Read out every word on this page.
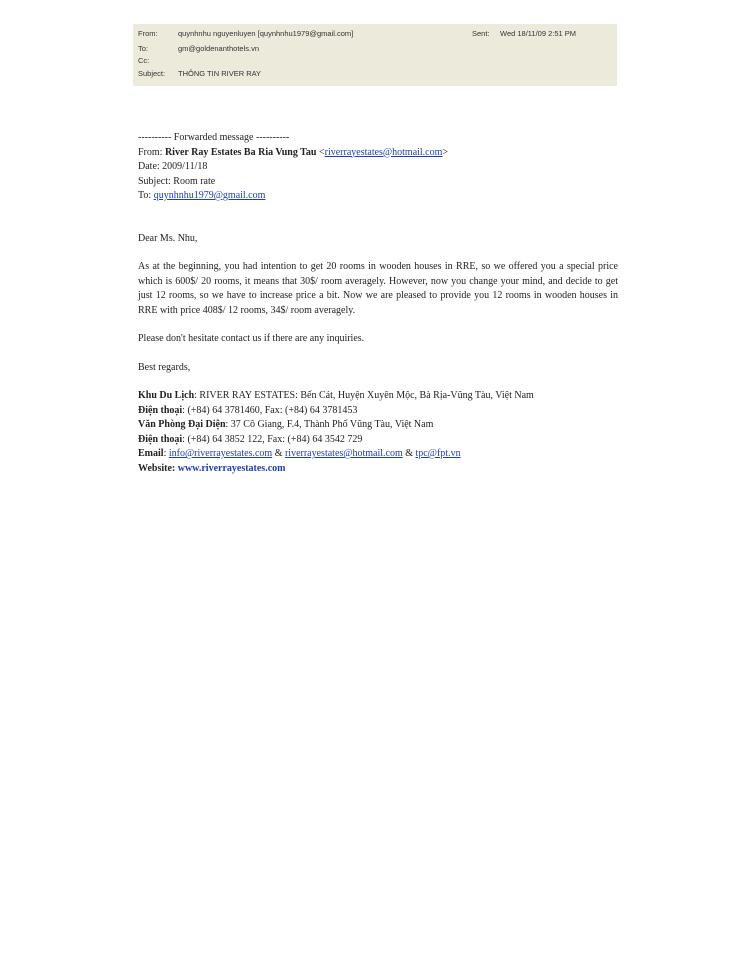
From:	quynhnhu nguyenluyen [quynhnhu1979@gmail.com]	Sent: Wed 18/11/09 2:51 PM
To:	gm@goldenanthotels.vn
Cc:
Subject: THÔNG TIN RIVER RAY
---------- Forwarded message ----------
From: River Ray Estates Ba Ria Vung Tau <riverrayestates@hotmail.com>
Date: 2009/11/18
Subject: Room rate
To: quynhnhu1979@gmail.com
Dear Ms. Nhu,

As at the beginning, you had intention to get 20 rooms in wooden houses in RRE, so we offered you a special price which is 600$/ 20 rooms, it means that 30$/ room averagely. However, now you change your mind, and decide to get just 12 rooms, so we have to increase price a bit. Now we are pleased to provide you 12 rooms in wooden houses in RRE with price 408$/ 12 rooms, 34$/ room averagely.

Please don't hesitate contact us if there are any inquiries.

Best regards,
Khu Du Lịch: RIVER RAY ESTATES: Bến Cát, Huyện Xuyên Mộc, Bà Rịa-Vũng Tàu, Việt Nam
Điện thoại: (+84) 64 3781460, Fax: (+84) 64 3781453
Văn Phòng Đại Diện: 37 Cô Giang, F.4, Thành Phố Vũng Tàu, Việt Nam
Điện thoại: (+84) 64 3852 122, Fax: (+84) 64 3542 729
Email: info@riverrayestates.com & riverrayestates@hotmail.com & tpc@fpt.vn
Website: www.riverrayestates.com
